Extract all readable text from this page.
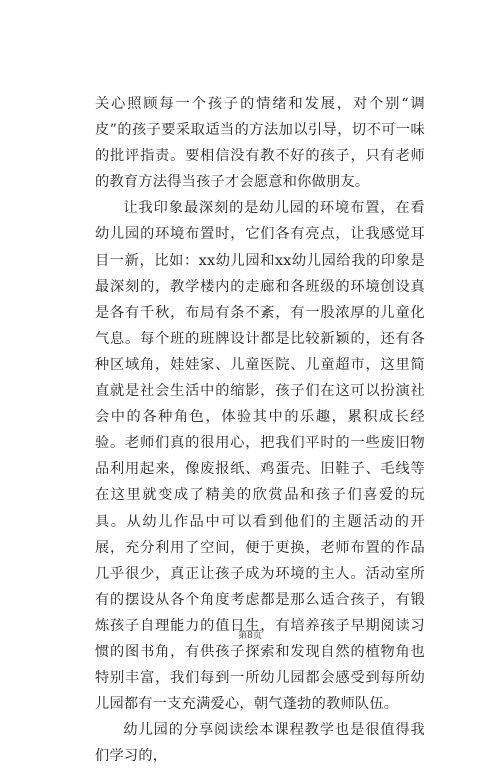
关心照顾每一个孩子的情绪和发展，对个别“调皮”的孩子要采取适当的方法加以引导，切不可一味的批评指责。要相信没有教不好的孩子，只有老师的教育方法得当孩子才会愿意和你做朋友。

让我印象最深刻的是幼儿园的环境布置，在看幼儿园的环境布置时，它们各有亮点，让我感觉耳目一新，比如：xx幼儿园和xx幼儿园给我的印象是最深刻的，教学楼内的走廊和各班级的环境创设真是各有千秋，布局有条不紊，有一股浓厚的儿童化气息。每个班的班牌设计都是比较新颖的，还有各种区域角，娃娃家、儿童医院、儿童超市，这里简直就是社会生活中的缩影，孩子们在这可以扮演社会中的各种角色，体验其中的乐趣，累积成长经验。老师们真的很用心，把我们平时的一些废旧物品利用起来，像废报纸、鸡蛋壳、旧鞋子、毛线等在这里就变成了精美的欣赏品和孩子们喜爱的玩具。从幼儿作品中可以看到他们的主题活动的开展，充分利用了空间，便于更换，老师布置的作品几乎很少，真正让孩子成为环境的主人。活动室所有的摆设从各个角度考虑都是那么适合孩子，有锻炼孩子自理能力的值日生，有培养孩子早期阅读习惯的图书角，有供孩子探索和发现自然的植物角也特别丰富，我们每到一所幼儿园都会感受到每所幼儿园都有一支充满爱心，朝气蓬勃的教师队伍。

幼儿园的分享阅读绘本课程教学也是很值得我们学习的，

第8页
